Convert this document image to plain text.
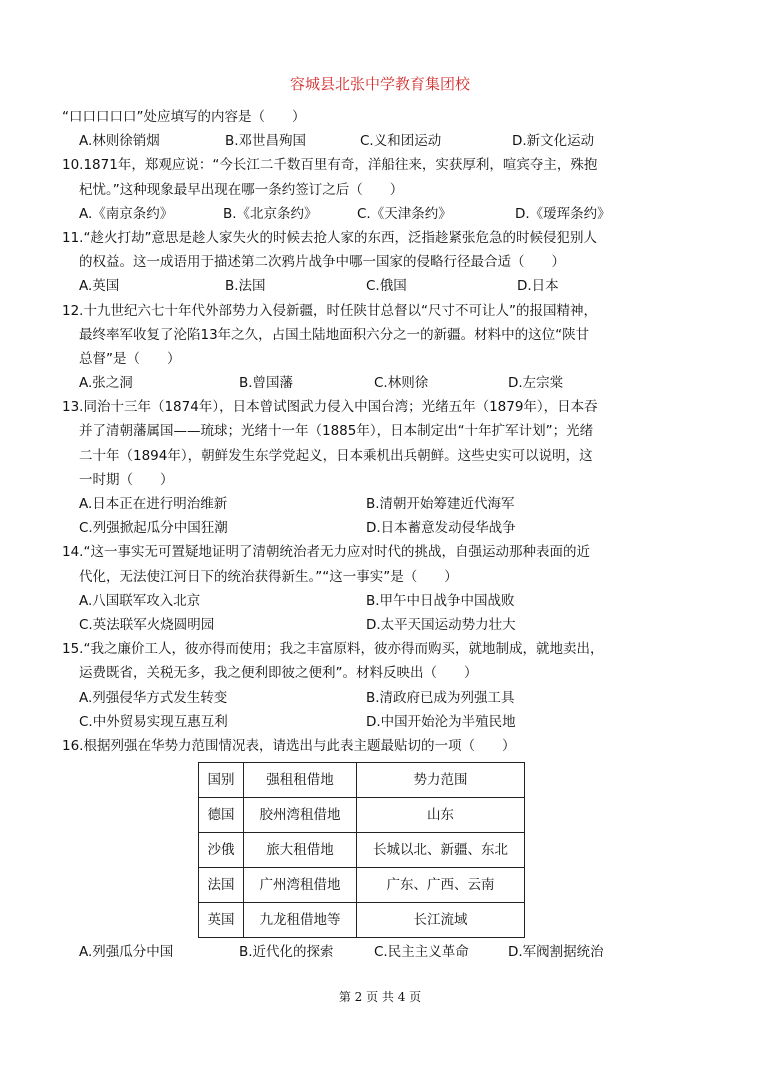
容城县北张中学教育集团校
“口口口口口”处应填写的内容是（　　）
A.林则徐销烟	B.邓世昌殉国	C.义和团运动	D.新文化运动
10.1871年，郑观应说：“今长江二千数百里有奇，洋船往来，实获厚利，喧宾夺主，殊抱
杞忧。”这种现象最早出现在哪一条约签订之后（　　）
A.《南京条约》	B.《北京条约》	C.《天津条约》	D.《瑷珲条约》
11.“趁火打劫”意思是趁人家失火的时候去抢人家的东西，泛指趁紧张危急的时候侵犯别人
的权益。这一成语用于描述第二次鸦片战争中哪一国家的侵略行径最合适（　　）
A.英国	B.法国	C.俄国	D.日本
12.十九世纪六七十年代外部势力入侵新疆，时任陕甘总督以“尺寸不可让人”的报国精神，
最终率军收复了沦陷13年之久，占国土陆地面积六分之一的新疆。材料中的这位“陕甘
总督”是（　　）
A.张之洞	B.曾国藩	C.林则徐	D.左宗棠
13.同治十三年（1874年），日本曾试图武力侵入中国台湾；光绪五年（1879年），日本吞
并了清朝藩属国——琉球；光绪十一年（1885年），日本制定出“十年扩军计划”；光绪
二十年（1894年），朝鲜发生东学党起义，日本乘机出兵朝鲜。这些史实可以说明，这
一时期（　　）
A.日本正在进行明治维新	B.清朝开始筹建近代海军
C.列强掀起瓜分中国狂潮	D.日本蓄意发动侵华战争
14.“这一事实无可置疑地证明了清朝统治者无力应对时代的挑战，自强运动那种表面的近
代化，无法使江河日下的统治获得新生。”“这一事实”是（　　）
A.八国联军攻入北京	B.甲午中日战争中国战败
C.英法联军火烧圆明园	D.太平天国运动势力壮大
15.“我之廉价工人，彼亦得而使用；我之丰富原料，彼亦得而购买，就地制成，就地卖出，
运费既省，关税无多，我之便利即彼之便利”。材料反映出（　　）
A.列强侵华方式发生转变	B.清政府已成为列强工具
C.中外贸易实现互惠互利	D.中国开始沦为半殖民地
16.根据列强在华势力范围情况表，请选出与此表主题最贴切的一项（　　）
国别	强租租借地	势力范围
德国	胶州湾租借地	山东
沙俄	旅大租借地	长城以北、新疆、东北
法国	广州湾租借地	广东、广西、云南
英国	九龙租借地等	长江流域
A.列强瓜分中国	B.近代化的探索	C.民主主义革命	D.军阀割据统治
第 2 页 共 4 页
